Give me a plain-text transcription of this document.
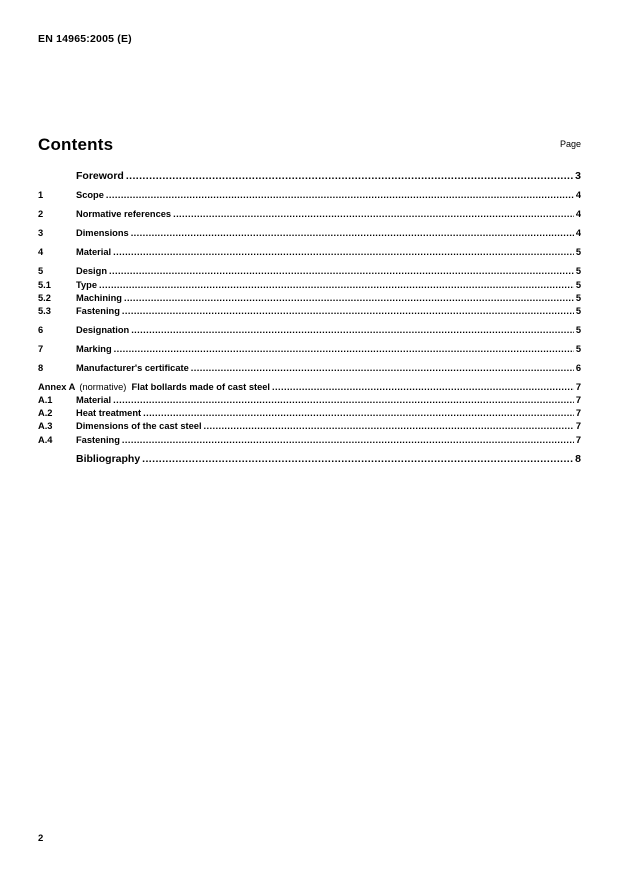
EN 14965:2005 (E)
Contents	Page
Foreword .....	3
1	Scope .....	4
2	Normative references .....	4
3	Dimensions .....	4
4	Material .....	5
5	Design .....	5
5.1	Type .....	5
5.2	Machining .....	5
5.3	Fastening .....	5
6	Designation .....	5
7	Marking .....	5
8	Manufacturer's certificate .....	6
Annex A (normative)  Flat bollards made of cast steel .....	7
A.1	Material .....	7
A.2	Heat treatment .....	7
A.3	Dimensions of the cast steel .....	7
A.4	Fastening .....	7
Bibliography .....	8
2
